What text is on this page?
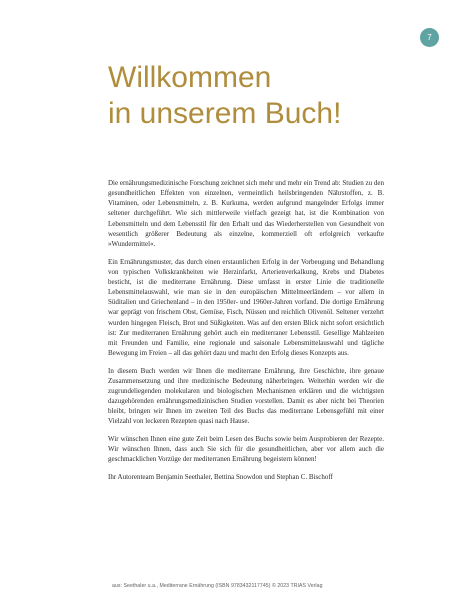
7
Willkommen
in unserem Buch!

Die ernährungsmedizinische Forschung zeichnet sich mehr und mehr ein Trend ab: Studien zu den gesundheitlichen Effekten von einzelnen, vermeintlich heilsbringenden Nährstoffen, z. B. Vitaminen, oder Lebensmitteln, z. B. Kurkuma, werden aufgrund mangelnder Erfolgs immer seltener durchgeführt. Wie sich mittlerweile vielfach gezeigt hat, ist die Kombination von Lebensmitteln und dem Lebensstil für den Erhalt und das Wiederherstellen von Gesundheit von wesentlich größerer Bedeutung als einzelne, kommerziell oft erfolgreich verkaufte »Wundermittel«.

Ein Ernährungsmuster, das durch einen erstaunlichen Erfolg in der Vorbeugung und Behandlung von typischen Volkskrankheiten wie Herzinfarkt, Arterienverkalkung, Krebs und Diabetes besticht, ist die mediterrane Ernährung. Diese umfasst in erster Linie die traditionelle Lebensmittelauswahl, wie man sie in den europäischen Mittelmeerländern – vor allem in Süditalien und Griechenland – in den 1950er- und 1960er-Jahren vorfand. Die dortige Ernährung war geprägt von frischem Obst, Gemüse, Fisch, Nüssen und reichlich Olivenöl. Seltener verzehrt wurden hingegen Fleisch, Brot und Süßigkeiten. Was auf den ersten Blick nicht sofort ersichtlich ist: Zur mediterranen Ernährung gehört auch ein mediterraner Lebensstil. Gesellige Mahlzeiten mit Freunden und Familie, eine regionale und saisonale Lebensmittelauswahl und tägliche Bewegung im Freien – all das gehört dazu und macht den Erfolg dieses Konzepts aus.

In diesem Buch werden wir Ihnen die mediterrane Ernährung, ihre Geschichte, ihre genaue Zusammensetzung und ihre medizinische Bedeutung näherbringen. Weiterhin werden wir die zugrundeliegenden molekularen und biologischen Mechanismen erklären und die wichtigsten dazugehörenden ernährungsmedizinischen Studien vorstellen. Damit es aber nicht bei Theorien bleibt, bringen wir Ihnen im zweiten Teil des Buchs das mediterrane Lebensgefühl mit einer Vielzahl von leckeren Rezepten quasi nach Hause.

Wir wünschen Ihnen eine gute Zeit beim Lesen des Buchs sowie beim Ausprobieren der Rezepte. Wir wünschen Ihnen, dass auch Sie sich für die gesundheitlichen, aber vor allem auch die geschmacklichen Vorzüge der mediterranen Ernährung begeistern können!

Ihr Autorenteam Benjamin Seethaler, Bettina Snowdon und Stephan C. Bischoff

aus: Seethaler u.a., Mediterrane Ernährung (ISBN 9783432117745) © 2023 TRIAS Verlag
